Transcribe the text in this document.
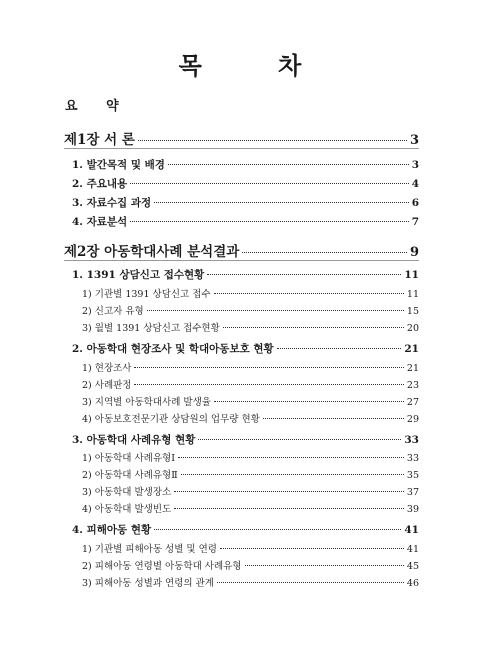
목 차
요 약
제1장 서 론	3
1. 발간목적 및 배경	3
2. 주요내용	4
3. 자료수집 과정	6
4. 자료분석	7
제2장 아동학대사례 분석결과	9
1. 1391 상담신고 접수현황	11
1) 기관별 1391 상담신고 접수	11
2) 신고자 유형	15
3) 월별 1391 상담신고 접수현황	20
2. 아동학대 현장조사 및 학대아동보호 현황	21
1) 현장조사	21
2) 사례판정	23
3) 지역별 아동학대사례 발생율	27
4) 아동보호전문기관 상담원의 업무량 현황	29
3. 아동학대 사례유형 현황	33
1) 아동학대 사례유형Ⅰ	33
2) 아동학대 사례유형Ⅱ	35
3) 아동학대 발생장소	37
4) 아동학대 발생빈도	39
4. 피해아동 현황	41
1) 기관별 피해아동 성별 및 연령	41
2) 피해아동 연령별 아동학대 사례유형	45
3) 피해아동 성별과 연령의 관계	46
